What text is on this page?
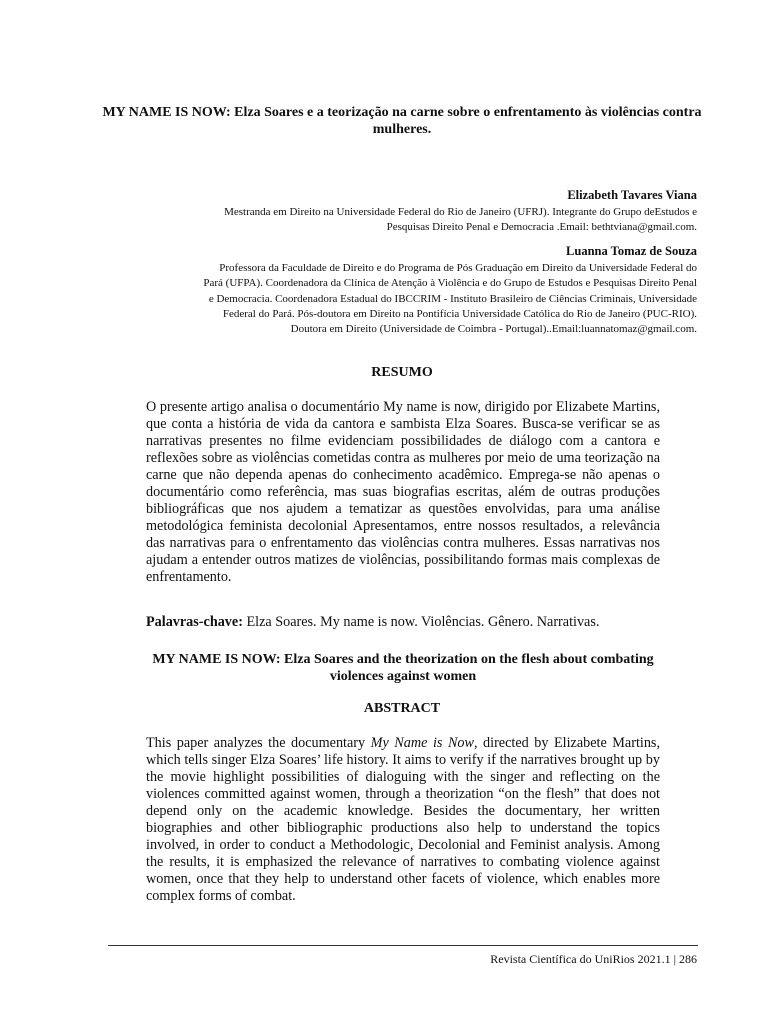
MY NAME IS NOW: Elza Soares e a teorização na carne sobre o enfrentamento às violências contra mulheres.
Elizabeth Tavares Viana
Mestranda em Direito na Universidade Federal do Rio de Janeiro (UFRJ). Integrante do Grupo deEstudos e
Pesquisas Direito Penal e Democracia .Email: bethtviana@gmail.com.
Luanna Tomaz de Souza
Professora da Faculdade de Direito e do Programa de Pós Graduação em Direito da Universidade Federal do
Pará (UFPA). Coordenadora da Clínica de Atenção à Violência e do Grupo de Estudos e Pesquisas Direito Penal
e Democracia. Coordenadora Estadual do IBCCRIM - Instituto Brasileiro de Ciências Criminais, Universidade
Federal do Pará. Pós-doutora em Direito na Pontifícia Universidade Católica do Rio de Janeiro (PUC-RIO).
Doutora em Direito (Universidade de Coimbra - Portugal)..Email:luannatomaz@gmail.com.
RESUMO

O presente artigo analisa o documentário My name is now, dirigido por Elizabete Martins, que conta a história de vida da cantora e sambista Elza Soares. Busca-se verificar se as narrativas presentes no filme evidenciam possibilidades de diálogo com a cantora e reflexões sobre as violências cometidas contra as mulheres por meio de uma teorização na carne que não dependa apenas do conhecimento acadêmico. Emprega-se não apenas o documentário como referência, mas suas biografias escritas, além de outras produções bibliográficas que nos ajudem a tematizar as questões envolvidas, para uma análise metodológica feminista decolonial Apresentamos, entre nossos resultados, a relevância das narrativas para o enfrentamento das violências contra mulheres. Essas narrativas nos ajudam a entender outros matizes de violências, possibilitando formas mais complexas de enfrentamento.

Palavras-chave: Elza Soares. My name is now. Violências. Gênero. Narrativas.
MY NAME IS NOW: Elza Soares and the theorization on the flesh about combating violences against women
ABSTRACT

This paper analyzes the documentary My Name is Now, directed by Elizabete Martins, which tells singer Elza Soares’ life history. It aims to verify if the narratives brought up by the movie highlight possibilities of dialoguing with the singer and reflecting on the violences committed against women, through a theorization “on the flesh” that does not depend only on the academic knowledge. Besides the documentary, her written biographies and other bibliographic productions also help to understand the topics involved, in order to conduct a Methodologic, Decolonial and Feminist analysis. Among the results, it is emphasized the relevance of narratives to combating violence against women, once that they help to understand other facets of violence, which enables more complex forms of combat.

Revista Científica do UniRios 2021.1 | 286
